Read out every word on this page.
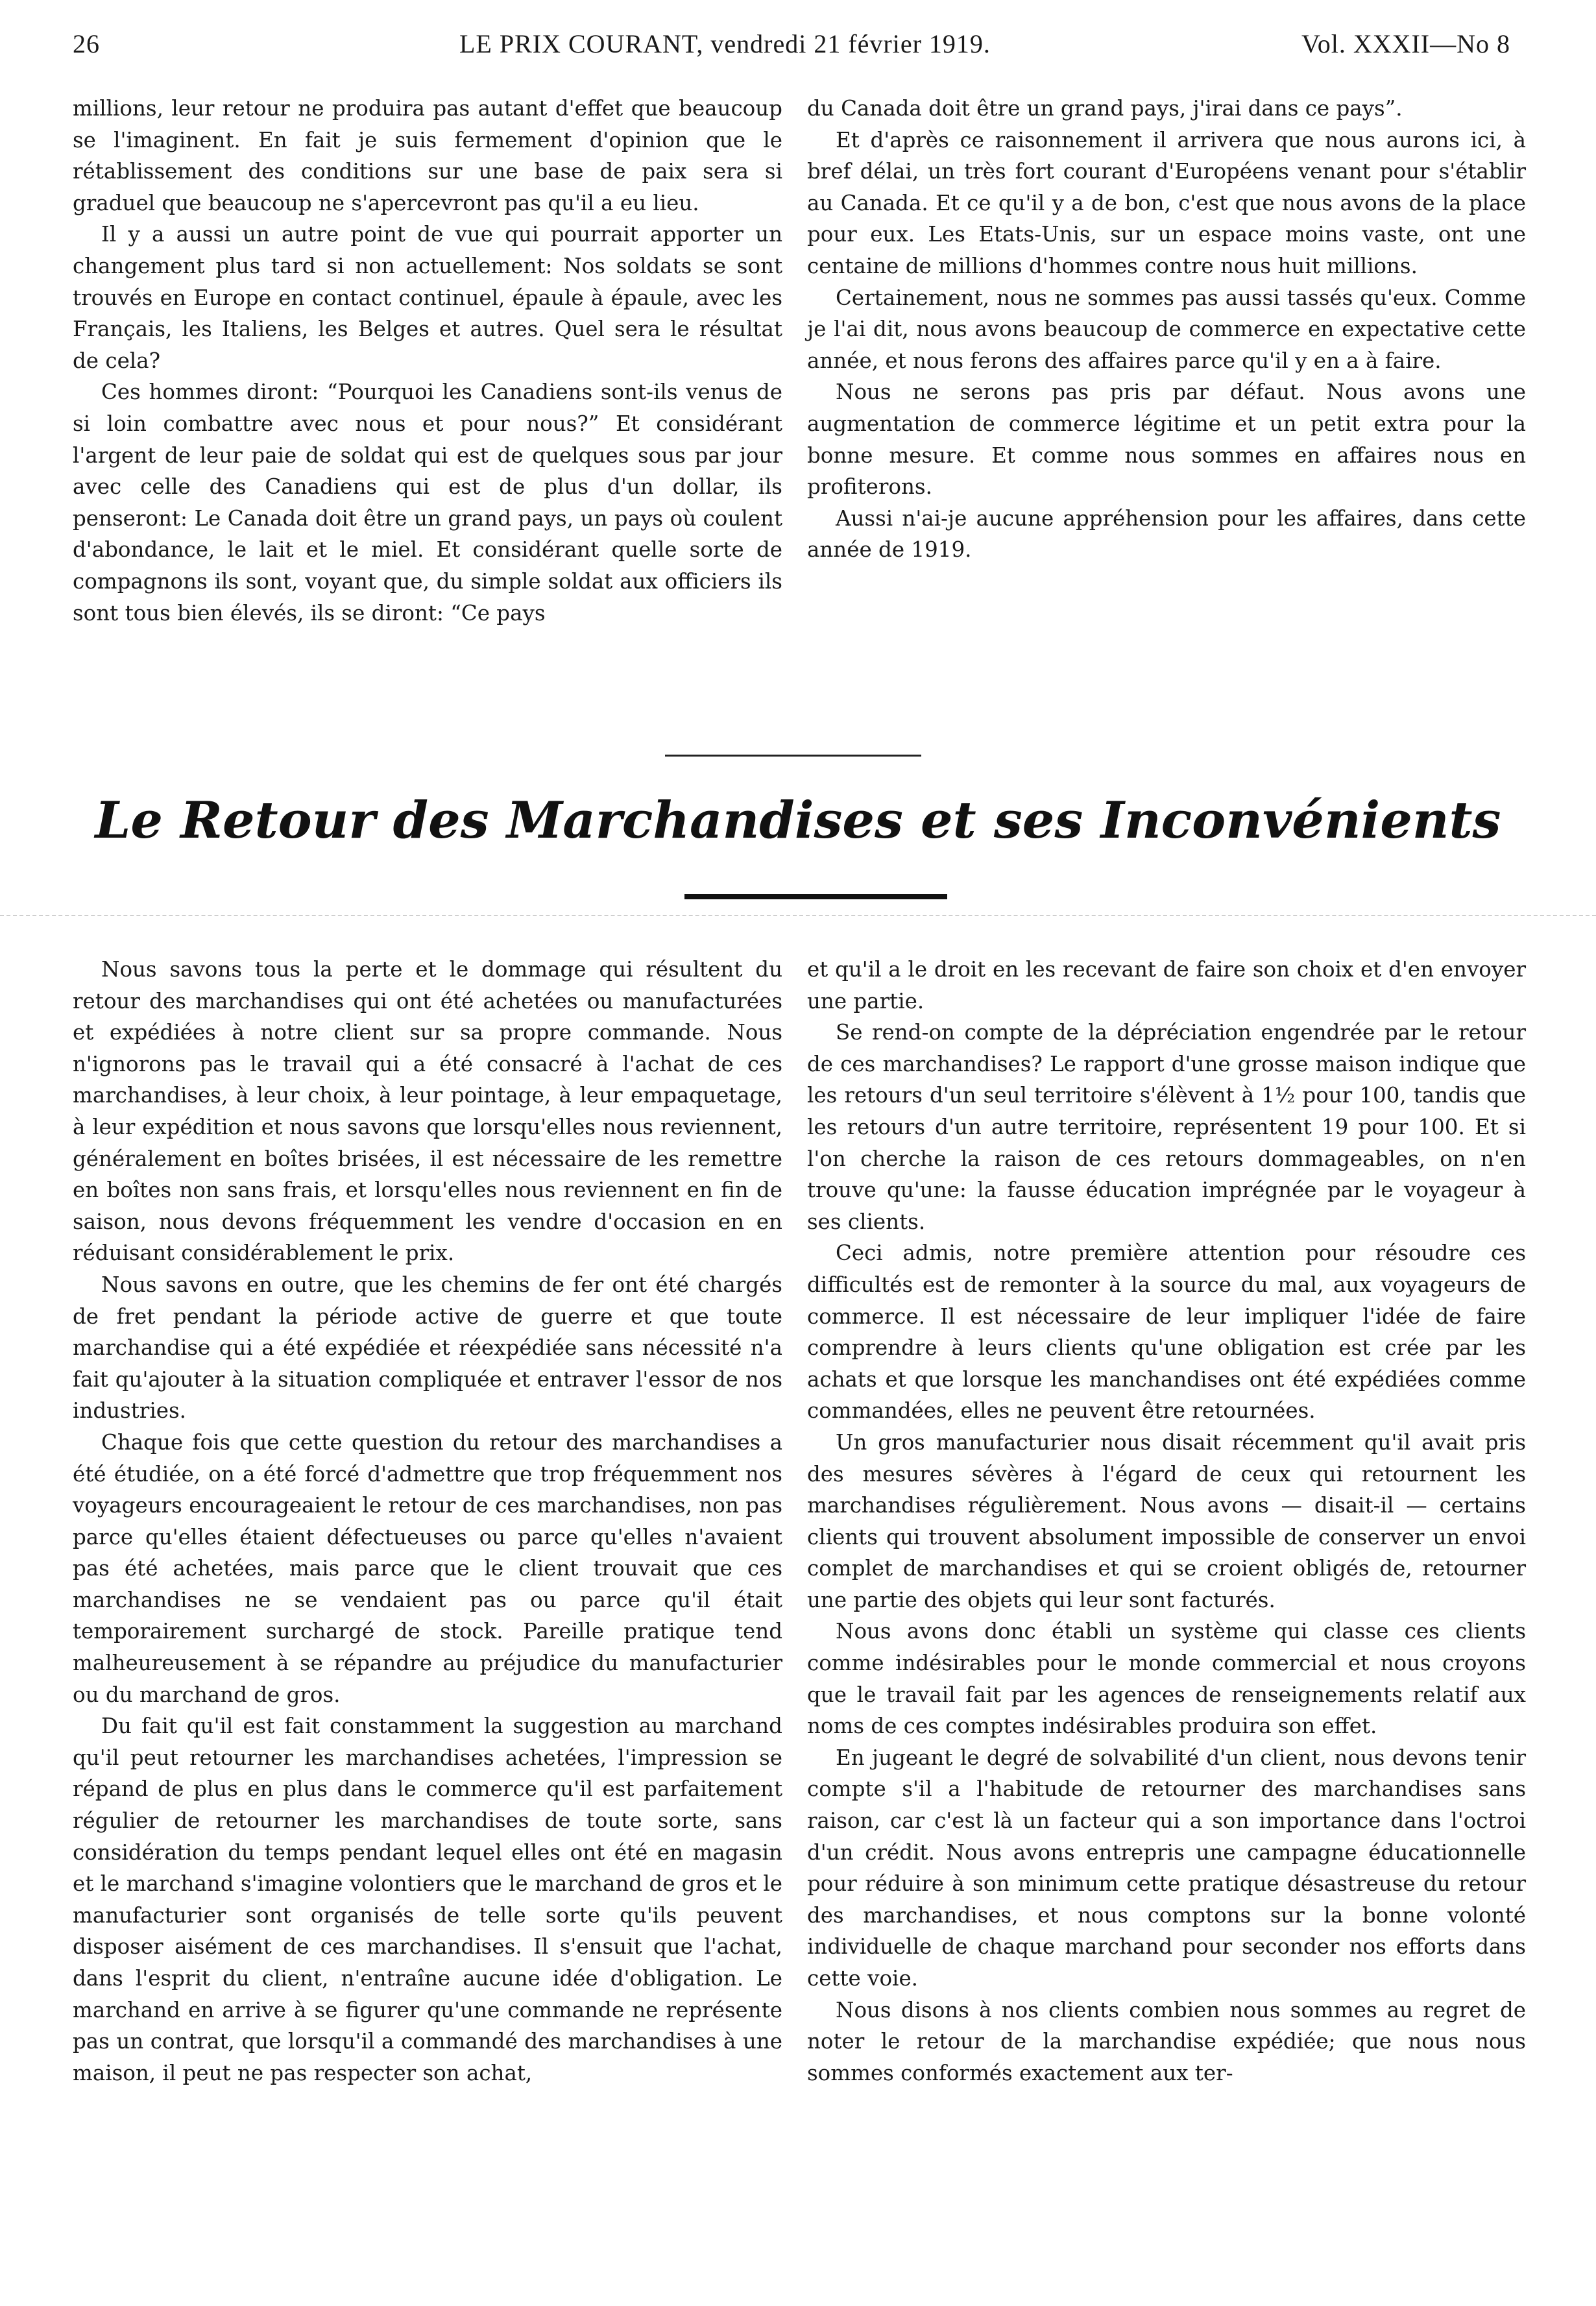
26	LE PRIX COURANT, vendredi 21 février 1919.	Vol. XXXII—No 8

millions, leur retour ne produira pas autant d'effet que beaucoup se l'imaginent. En fait je suis fermement d'opinion que le rétablissement des conditions sur une base de paix sera si graduel que beaucoup ne s'apercevront pas qu'il a eu lieu.

Il y a aussi un autre point de vue qui pourrait apporter un changement plus tard si non actuellement: Nos soldats se sont trouvés en Europe en contact continuel, épaule à épaule, avec les Français, les Italiens, les Belges et autres. Quel sera le résultat de cela?

Ces hommes diront: “Pourquoi les Canadiens sont-ils venus de si loin combattre avec nous et pour nous?” Et considérant l'argent de leur paie de soldat qui est de quelques sous par jour avec celle des Canadiens qui est de plus d'un dollar, ils penseront: Le Canada doit être un grand pays, un pays où coulent d'abondance, le lait et le miel. Et considérant quelle sorte de compagnons ils sont, voyant que, du simple soldat aux officiers ils sont tous bien élevés, ils se diront: “Ce pays

du Canada doit être un grand pays, j'irai dans ce pays”.

Et d'après ce raisonnement il arrivera que nous aurons ici, à bref délai, un très fort courant d'Européens venant pour s'établir au Canada. Et ce qu'il y a de bon, c'est que nous avons de la place pour eux. Les Etats-Unis, sur un espace moins vaste, ont une centaine de millions d'hommes contre nous huit millions.

Certainement, nous ne sommes pas aussi tassés qu'eux. Comme je l'ai dit, nous avons beaucoup de commerce en expectative cette année, et nous ferons des affaires parce qu'il y en a à faire.

Nous ne serons pas pris par défaut. Nous avons une augmentation de commerce légitime et un petit extra pour la bonne mesure. Et comme nous sommes en affaires nous en profiterons.

Aussi n'ai-je aucune appréhension pour les affaires, dans cette année de 1919.

Le Retour des Marchandises et ses Inconvénients

Nous savons tous la perte et le dommage qui résultent du retour des marchandises qui ont été achetées ou manufacturées et expédiées à notre client sur sa propre commande. Nous n'ignorons pas le travail qui a été consacré à l'achat de ces marchandises, à leur choix, à leur pointage, à leur empaquetage, à leur expédition et nous savons que lorsqu'elles nous reviennent, généralement en boîtes brisées, il est nécessaire de les remettre en boîtes non sans frais, et lorsqu'elles nous reviennent en fin de saison, nous devons fréquemment les vendre d'occasion en en réduisant considérablement le prix.

Nous savons en outre, que les chemins de fer ont été chargés de fret pendant la période active de guerre et que toute marchandise qui a été expédiée et réexpédiée sans nécessité n'a fait qu'ajouter à la situation compliquée et entraver l'essor de nos industries.

Chaque fois que cette question du retour des marchandises a été étudiée, on a été forcé d'admettre que trop fréquemment nos voyageurs encourageaient le retour de ces marchandises, non pas parce qu'elles étaient défectueuses ou parce qu'elles n'avaient pas été achetées, mais parce que le client trouvait que ces marchandises ne se vendaient pas ou parce qu'il était temporairement surchargé de stock. Pareille pratique tend malheureusement à se répandre au préjudice du manufacturier ou du marchand de gros.

Du fait qu'il est fait constamment la suggestion au marchand qu'il peut retourner les marchandises achetées, l'impression se répand de plus en plus dans le commerce qu'il est parfaitement régulier de retourner les marchandises de toute sorte, sans considération du temps pendant lequel elles ont été en magasin et le marchand s'imagine volontiers que le marchand de gros et le manufacturier sont organisés de telle sorte qu'ils peuvent disposer aisément de ces marchandises. Il s'ensuit que l'achat, dans l'esprit du client, n'entraîne aucune idée d'obligation. Le marchand en arrive à se figurer qu'une commande ne représente pas un contrat, que lorsqu'il a commandé des marchandises à une maison, il peut ne pas respecter son achat,

et qu'il a le droit en les recevant de faire son choix et d'en envoyer une partie.

Se rend-on compte de la dépréciation engendrée par le retour de ces marchandises? Le rapport d'une grosse maison indique que les retours d'un seul territoire s'élèvent à 1½ pour 100, tandis que les retours d'un autre territoire, représentent 19 pour 100. Et si l'on cherche la raison de ces retours dommageables, on n'en trouve qu'une: la fausse éducation imprégnée par le voyageur à ses clients.

Ceci admis, notre première attention pour résoudre ces difficultés est de remonter à la source du mal, aux voyageurs de commerce. Il est nécessaire de leur impliquer l'idée de faire comprendre à leurs clients qu'une obligation est crée par les achats et que lorsque les manchandises ont été expédiées comme commandées, elles ne peuvent être retournées.

Un gros manufacturier nous disait récemment qu'il avait pris des mesures sévères à l'égard de ceux qui retournent les marchandises régulièrement. Nous avons — disait-il — certains clients qui trouvent absolument impossible de conserver un envoi complet de marchandises et qui se croient obligés de, retourner une partie des objets qui leur sont facturés.

Nous avons donc établi un système qui classe ces clients comme indésirables pour le monde commercial et nous croyons que le travail fait par les agences de renseignements relatif aux noms de ces comptes indésirables produira son effet.

En jugeant le degré de solvabilité d'un client, nous devons tenir compte s'il a l'habitude de retourner des marchandises sans raison, car c'est là un facteur qui a son importance dans l'octroi d'un crédit. Nous avons entrepris une campagne éducationnelle pour réduire à son minimum cette pratique désastreuse du retour des marchandises, et nous comptons sur la bonne volonté individuelle de chaque marchand pour seconder nos efforts dans cette voie.

Nous disons à nos clients combien nous sommes au regret de noter le retour de la marchandise expédiée; que nous nous sommes conformés exactement aux ter-
